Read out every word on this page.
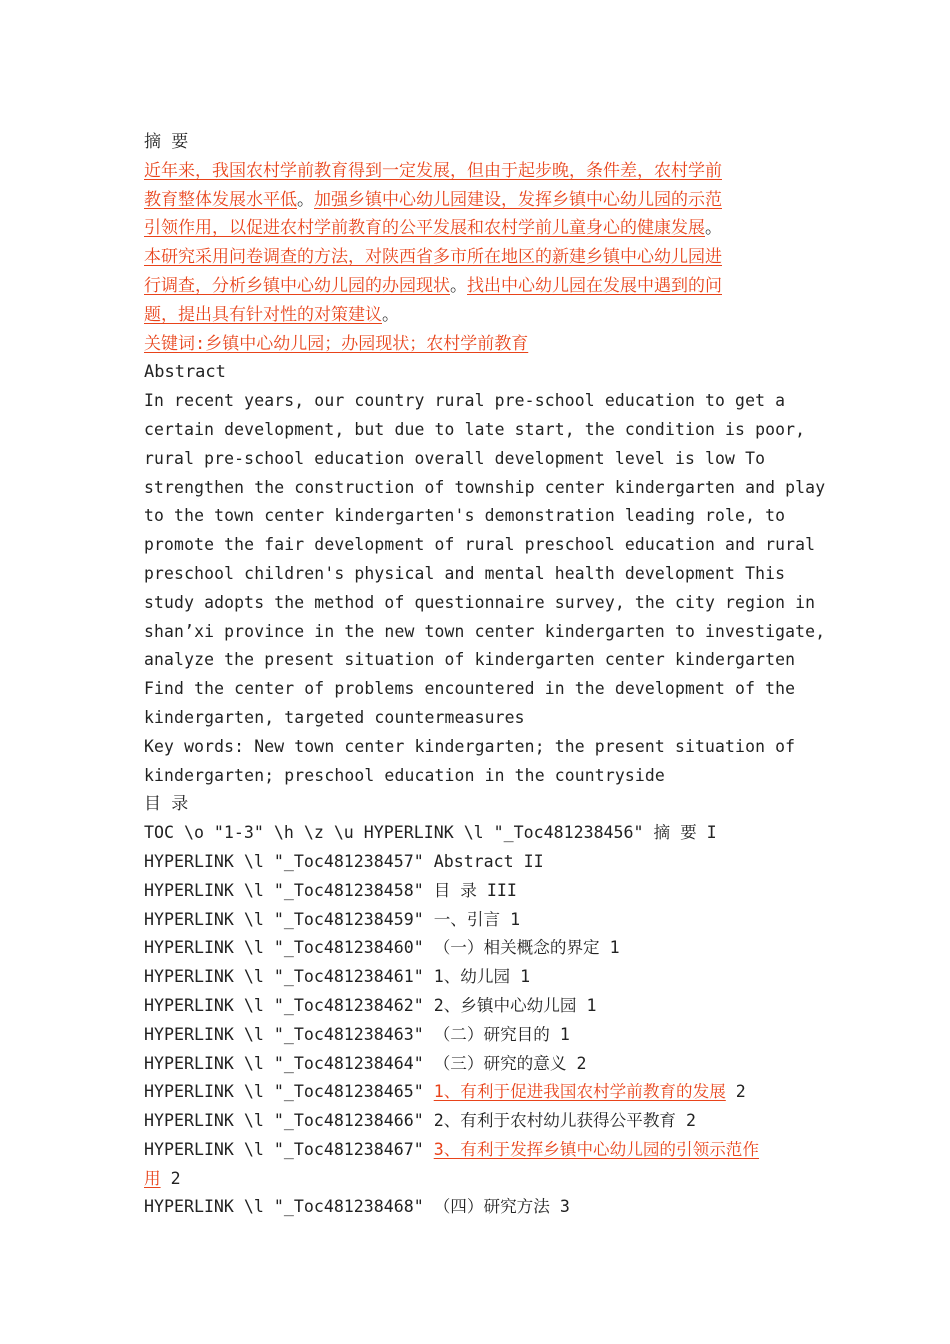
摘 要
近年来，我国农村学前教育得到一定发展，但由于起步晚，条件差，农村学前
教育整体发展水平低。加强乡镇中心幼儿园建设，发挥乡镇中心幼儿园的示范
引领作用，以促进农村学前教育的公平发展和农村学前儿童身心的健康发展。
本研究采用问卷调查的方法，对陕西省多市所在地区的新建乡镇中心幼儿园进
行调查，分析乡镇中心幼儿园的办园现状。找出中心幼儿园在发展中遇到的问
题，提出具有针对性的对策建议。
关键词:乡镇中心幼儿园；办园现状；农村学前教育
Abstract
In recent years, our country rural pre-school education to get a
certain development, but due to late start, the condition is poor,
rural pre-school education overall development level is low To
strengthen the construction of township center kindergarten and play
to the town center kindergarten's demonstration leading role, to
promote the fair development of rural preschool education and rural
preschool children's physical and mental health development This
study adopts the method of questionnaire survey, the city region in
shan’xi province in the new town center kindergarten to investigate,
analyze the present situation of kindergarten center kindergarten
Find the center of problems encountered in the development of the
kindergarten, targeted countermeasures
Key words: New town center kindergarten; the present situation of
kindergarten; preschool education in the countryside
目 录
TOC \o "1-3" \h \z \u HYPERLINK \l "_Toc481238456" 摘 要 I
HYPERLINK \l "_Toc481238457" Abstract II
HYPERLINK \l "_Toc481238458" 目 录 III
HYPERLINK \l "_Toc481238459" 一、引言 1
HYPERLINK \l "_Toc481238460" （一）相关概念的界定 1
HYPERLINK \l "_Toc481238461" 1、幼儿园 1
HYPERLINK \l "_Toc481238462" 2、乡镇中心幼儿园 1
HYPERLINK \l "_Toc481238463" （二）研究目的 1
HYPERLINK \l "_Toc481238464" （三）研究的意义 2
HYPERLINK \l "_Toc481238465" 1、有利于促进我国农村学前教育的发展 2
HYPERLINK \l "_Toc481238466" 2、有利于农村幼儿获得公平教育 2
HYPERLINK \l "_Toc481238467" 3、有利于发挥乡镇中心幼儿园的引领示范作
用 2
HYPERLINK \l "_Toc481238468" （四）研究方法 3
